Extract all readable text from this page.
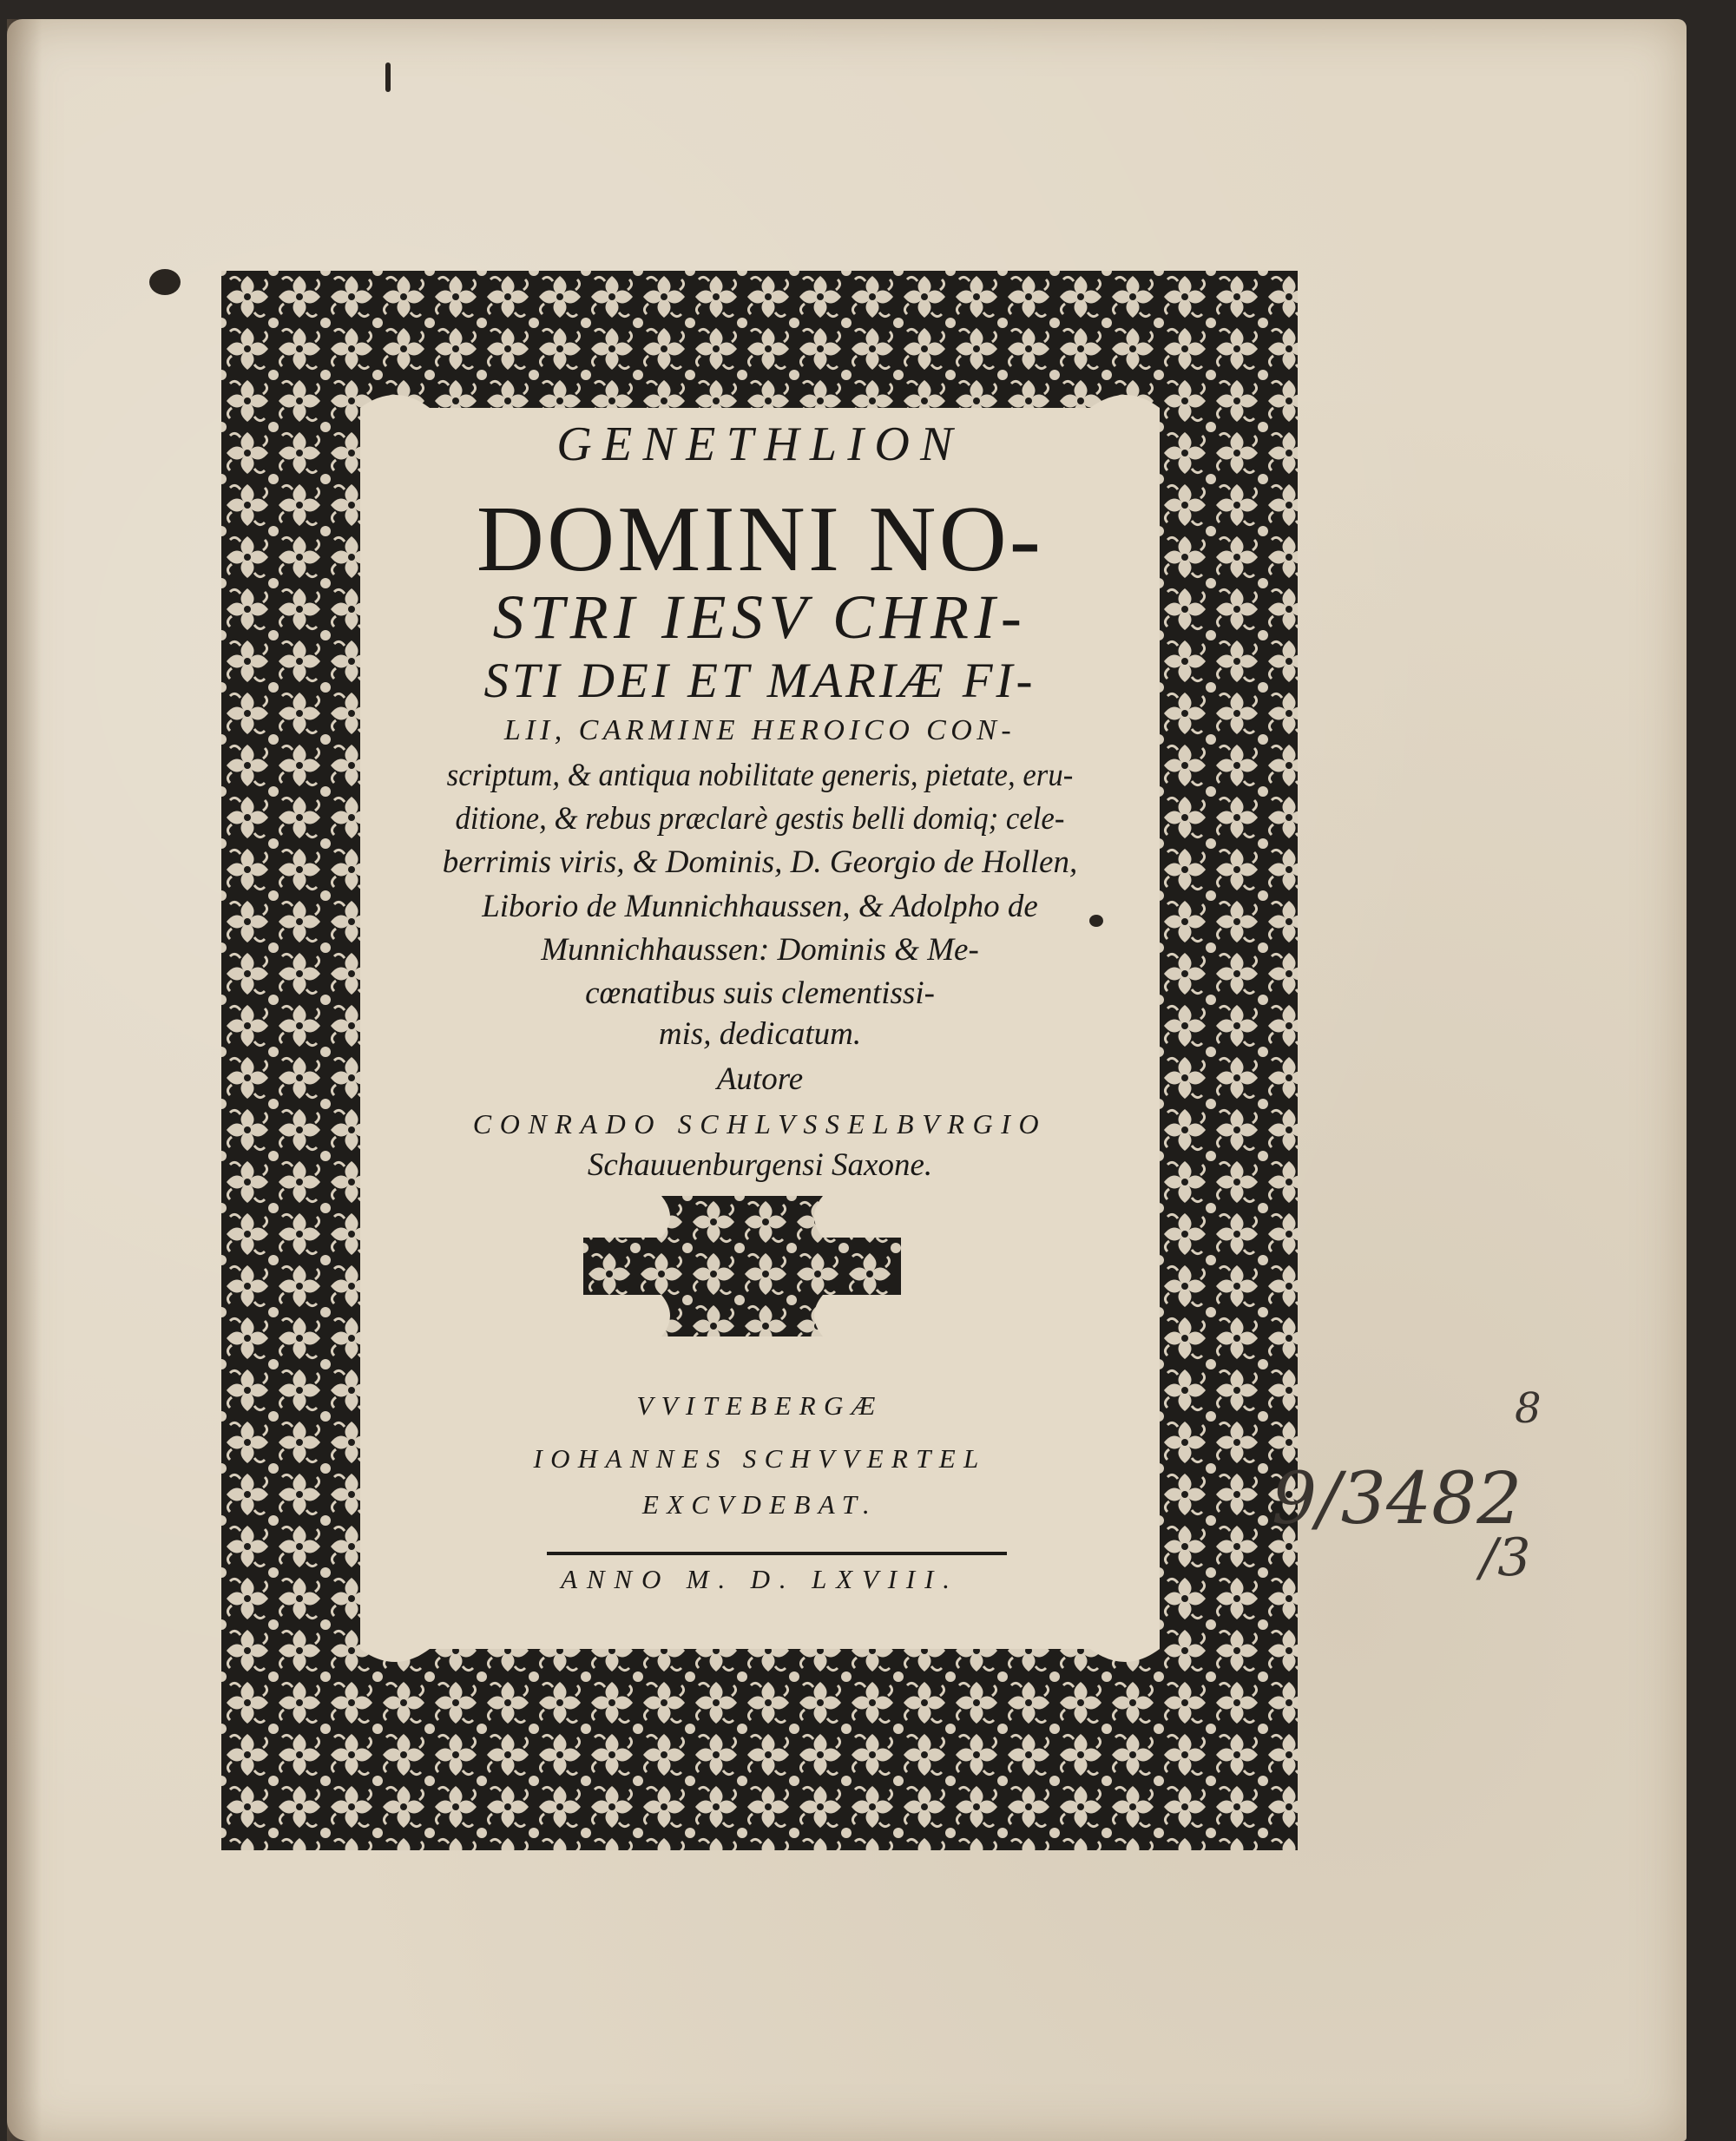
GENETHLION
DOMINI NO-
STRI IESV CHRI-
STI DEI ET MARIÆ FI-
LII, CARMINE HEROICO CON-
scriptum, & antiqua nobilitate generis, pietate, eru-
ditione, & rebus præclarè gestis belli domiq; cele-
berrimis viris, & Dominis, D. Georgio de Hollen,
Liborio de Munnichhaussen, & Adolpho de
Munnichhaussen: Dominis & Me-
cœnatibus suis clementissi-
mis, dedicatum.
Autore
CONRADO SCHLVSSELBVRGIO
Schauuenburgensi Saxone.
VVITEBERGÆ
IOHANNES SCHVVERTEL
EXCVDEBAT.
ANNO M. D. LXVIII.
9/3482
/3
8
